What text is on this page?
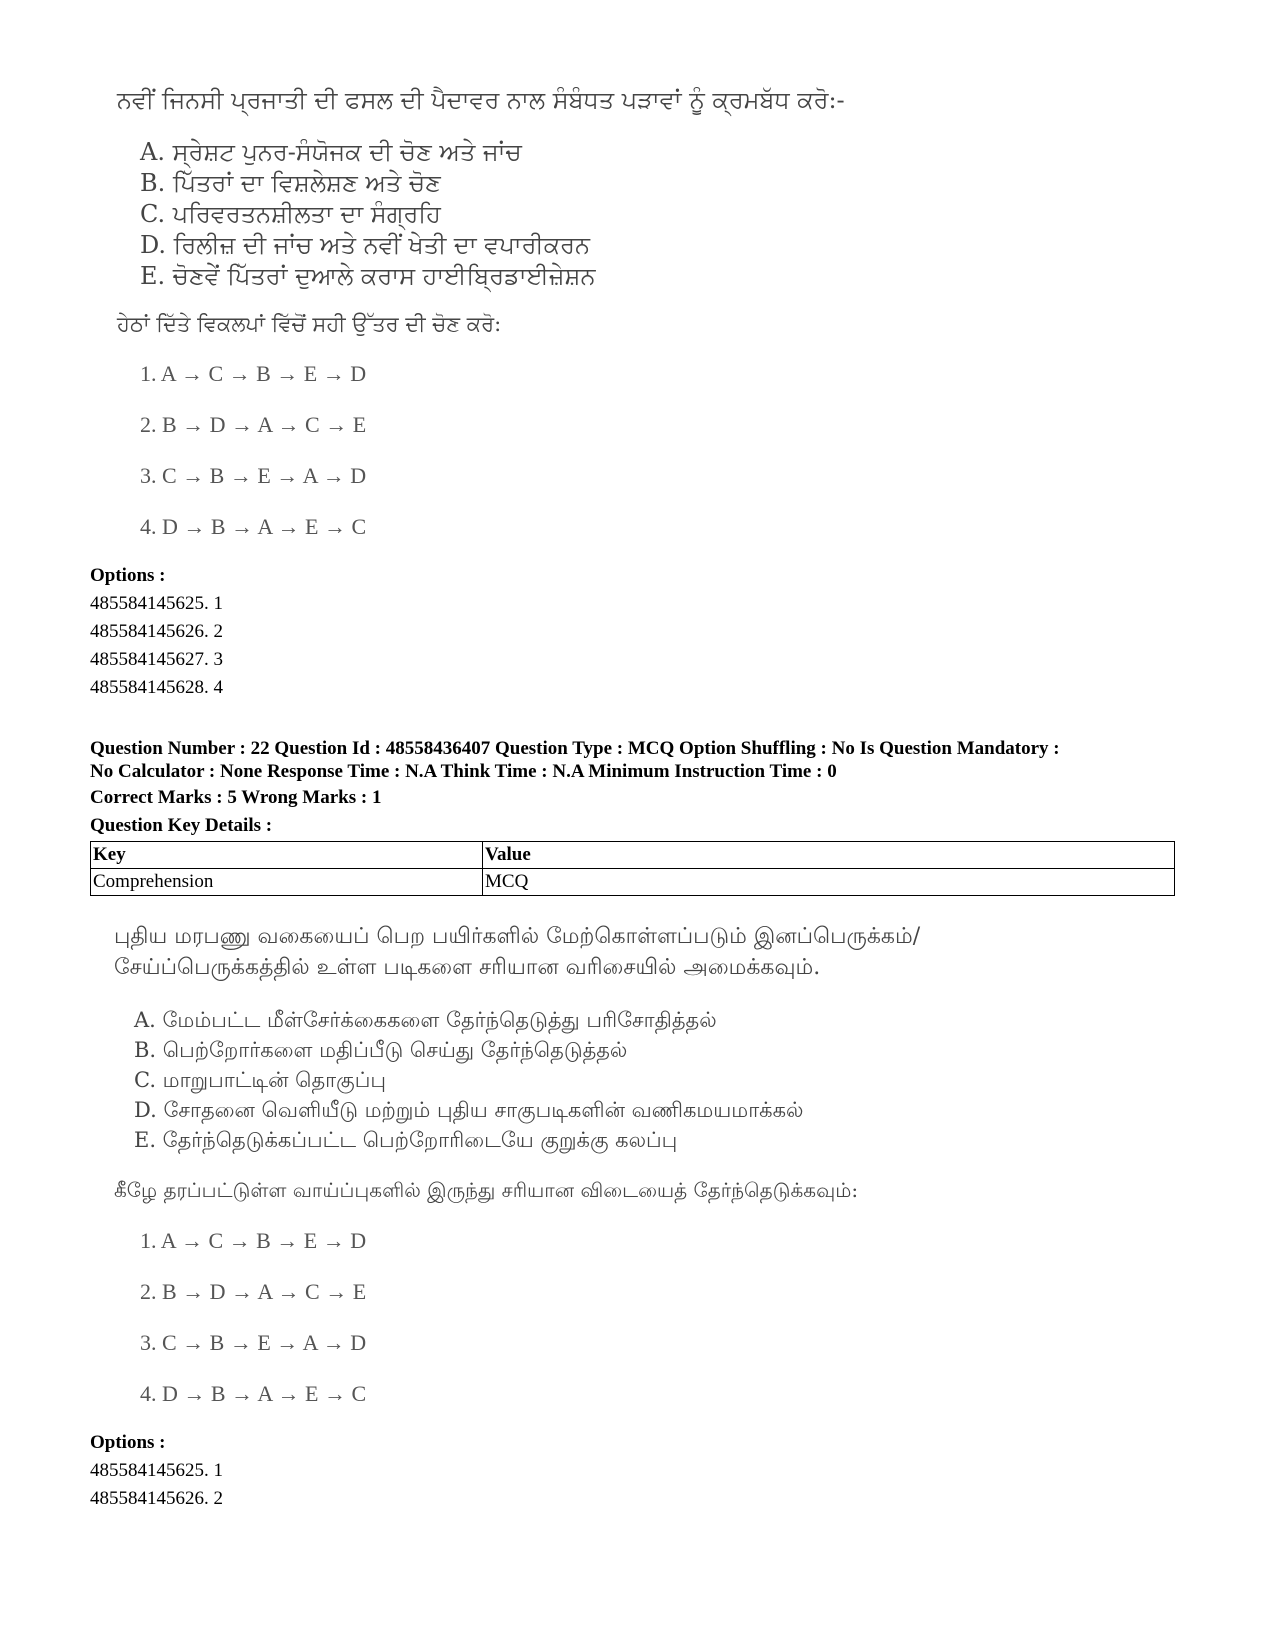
ਨਵੀਂ ਜਿਨਸੀ ਪ੍ਰਜਾਤੀ ਦੀ ਫਸਲ ਦੀ ਪੈਦਾਵਰ ਨਾਲ ਸੰਬੰਧਤ ਪੜਾਵਾਂ ਨੂੰ ਕ੍ਰਮਬੱਧ ਕਰੋ:-
A. ਸ੍ਰੇਸ਼ਟ ਪੁਨਰ-ਸੰਯੋਜਕ ਦੀ ਚੋਣ ਅਤੇ ਜਾਂਚ
B. ਪਿੱਤਰਾਂ ਦਾ ਵਿਸ਼ਲੇਸ਼ਣ ਅਤੇ ਚੋਣ
C. ਪਰਿਵਰਤਨਸ਼ੀਲਤਾ ਦਾ ਸੰਗ੍ਰਹਿ
D. ਰਿਲੀਜ਼ ਦੀ ਜਾਂਚ ਅਤੇ ਨਵੀਂ ਖੇਤੀ ਦਾ ਵਪਾਰੀਕਰਨ
E. ਚੋਣਵੇਂ ਪਿੱਤਰਾਂ ਦੁਆਲੇ ਕਰਾਸ ਹਾਈਬ੍ਰਿਡਾਈਜ਼ੇਸ਼ਨ
ਹੇਠਾਂ ਦਿੱਤੇ ਵਿਕਲਪਾਂ ਵਿੱਚੋਂ ਸਹੀ ਉੱਤਰ ਦੀ ਚੋਣ ਕਰੋ:
1. A → C → B → E → D
2. B → D → A → C → E
3. C → B → E → A → D
4. D → B → A → E → C
Options :
485584145625. 1
485584145626. 2
485584145627. 3
485584145628. 4
Question Number : 22 Question Id : 48558436407 Question Type : MCQ Option Shuffling : No Is Question Mandatory :
No Calculator : None Response Time : N.A Think Time : N.A Minimum Instruction Time : 0
Correct Marks : 5 Wrong Marks : 1
Question Key Details :
Key	Value
Comprehension	MCQ
புதிய மரபணு வகையைப் பெற பயிர்களில் மேற்கொள்ளப்படும் இனப்பெருக்கம்/
சேய்ப்பெருக்கத்தில் உள்ள படிகளை சரியான வரிசையில் அமைக்கவும்.
A. மேம்பட்ட மீள்சேர்க்கைகளை தேர்ந்தெடுத்து பரிசோதித்தல்
B. பெற்றோர்களை மதிப்பீடு செய்து தேர்ந்தெடுத்தல்
C. மாறுபாட்டின் தொகுப்பு
D. சோதனை வெளியீடு மற்றும் புதிய சாகுபடிகளின் வணிகமயமாக்கல்
E. தேர்ந்தெடுக்கப்பட்ட பெற்றோரிடையே குறுக்கு கலப்பு
கீழே தரப்பட்டுள்ள வாய்ப்புகளில் இருந்து சரியான விடையைத் தேர்ந்தெடுக்கவும்:
1. A → C → B → E → D
2. B → D → A → C → E
3. C → B → E → A → D
4. D → B → A → E → C
Options :
485584145625. 1
485584145626. 2
